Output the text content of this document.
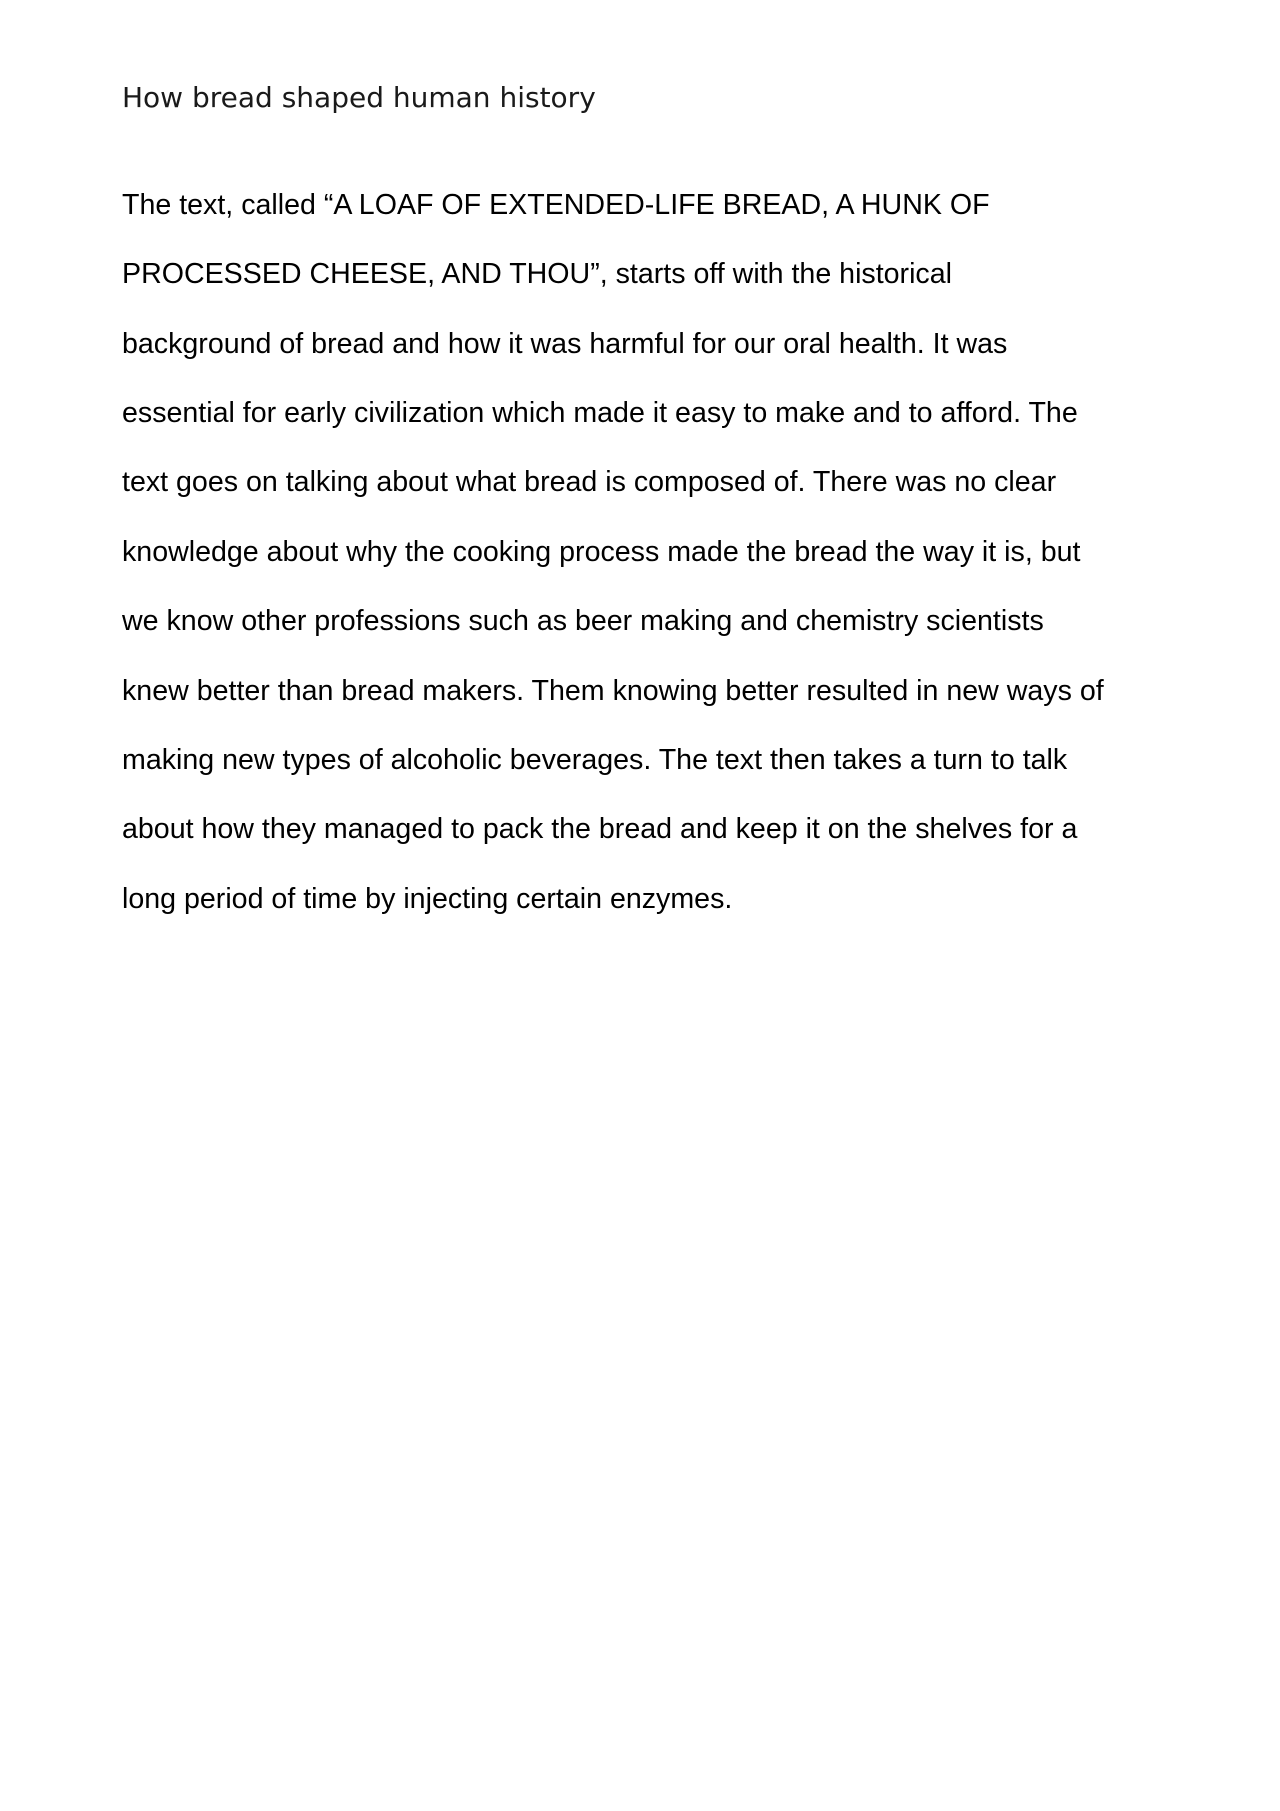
How bread shaped human history

The text, called “A LOAF OF EXTENDED-LIFE BREAD, A HUNK OF

PROCESSED CHEESE, AND THOU”, starts off with the historical

background of bread and how it was harmful for our oral health. It was

essential for early civilization which made it easy to make and to afford. The

text goes on talking about what bread is composed of. There was no clear

knowledge about why the cooking process made the bread the way it is, but

we know other professions such as beer making and chemistry scientists

knew better than bread makers. Them knowing better resulted in new ways of

making new types of alcoholic beverages. The text then takes a turn to talk

about how they managed to pack the bread and keep it on the shelves for a

long period of time by injecting certain enzymes.
